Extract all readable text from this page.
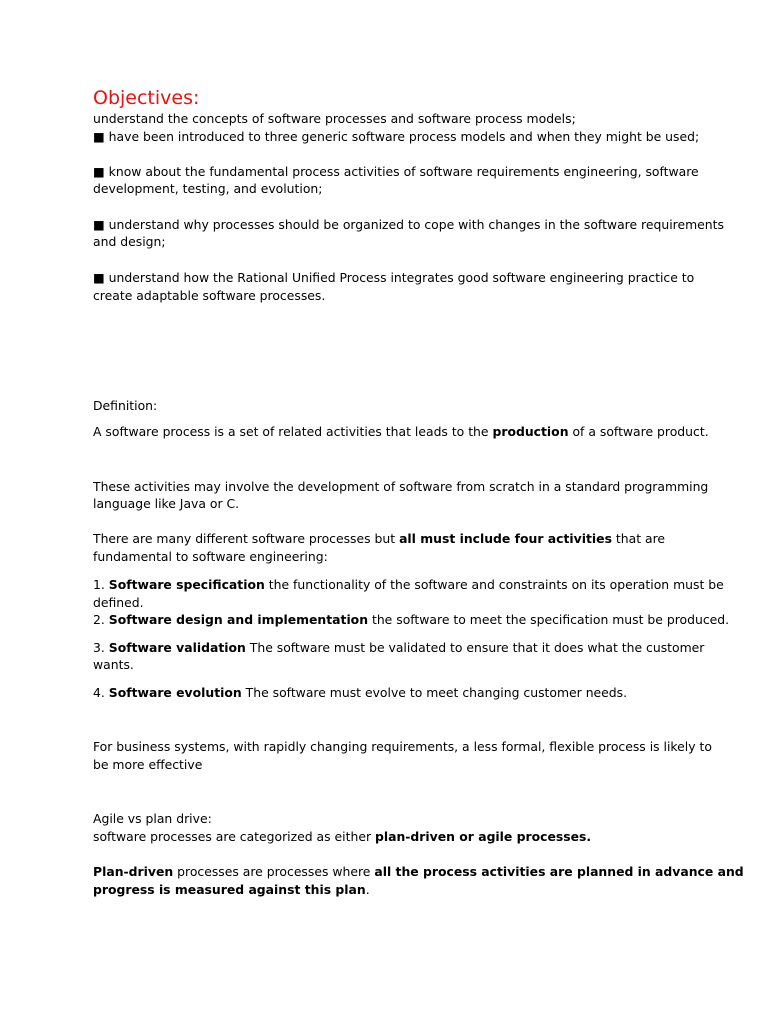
Objectives:
understand the concepts of software processes and software process models;
■ have been introduced to three generic software process models and when they might be used;
■ know about the fundamental process activities of software requirements engineering, software
development, testing, and evolution;
■ understand why processes should be organized to cope with changes in the software requirements
and design;
■ understand how the Rational Unified Process integrates good software engineering practice to
create adaptable software processes.
Definition:
A software process is a set of related activities that leads to the production of a software product.
These activities may involve the development of software from scratch in a standard programming
language like Java or C.
There are many different software processes but all must include four activities that are
fundamental to software engineering:
1. Software specification the functionality of the software and constraints on its operation must be
defined.
2. Software design and implementation the software to meet the specification must be produced.
3. Software validation The software must be validated to ensure that it does what the customer
wants.
4. Software evolution The software must evolve to meet changing customer needs.
For business systems, with rapidly changing requirements, a less formal, flexible process is likely to
be more effective
Agile vs plan drive:
software processes are categorized as either plan-driven or agile processes.
Plan-driven processes are processes where all the process activities are planned in advance and
progress is measured against this plan.
